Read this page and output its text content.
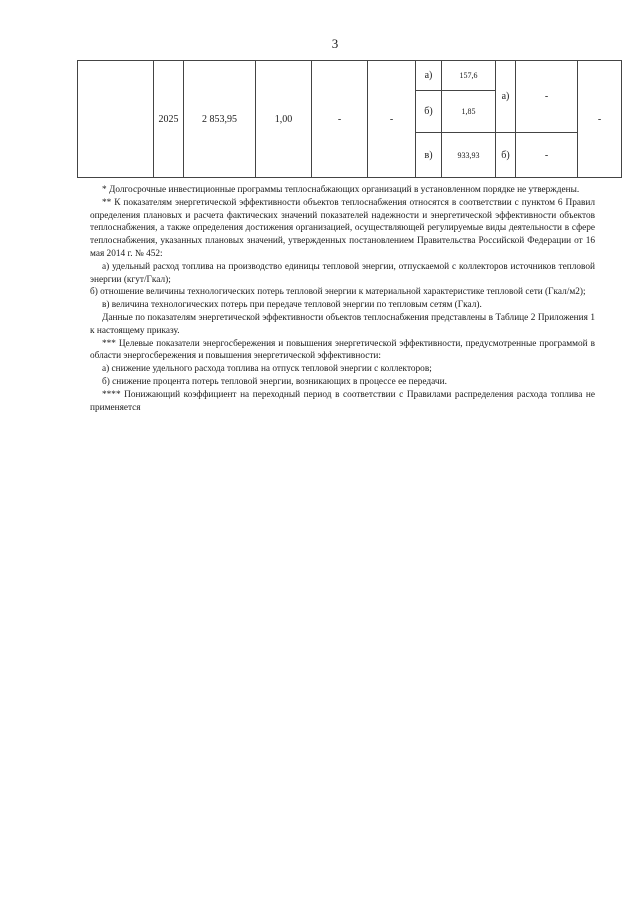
3
	2025	2 853,95	1,00	-	-	а)	157,6	а)	-	-
						б)	1,85			
						в)	933,93	б)	-	

* Долгосрочные инвестиционные программы теплоснабжающих организаций в установленном порядке не утверждены.

** К показателям энергетической эффективности объектов теплоснабжения относятся в соответствии с пунктом 6 Правил определения плановых и расчета фактических значений показателей надежности и энергетической эффективности объектов теплоснабжения, а также определения достижения организацией, осуществляющей регулируемые виды деятельности в сфере теплоснабжения, указанных плановых значений, утвержденных постановлением Правительства Российской Федерации от 16 мая 2014 г. № 452:

а) удельный расход топлива на производство единицы тепловой энергии, отпускаемой с коллекторов источников тепловой энергии (кгут/Гкал);

б) отношение величины технологических потерь тепловой энергии к материальной характеристике тепловой сети (Гкал/м2);

в) величина технологических потерь при передаче тепловой энергии по тепловым сетям (Гкал).

Данные по показателям энергетической эффективности объектов теплоснабжения представлены в Таблице 2 Приложения 1 к настоящему приказу.

*** Целевые показатели энергосбережения и повышения энергетической эффективности, предусмотренные программой в области энергосбережения и повышения энергетической эффективности:

а) снижение удельного расхода топлива на отпуск тепловой энергии с коллекторов;

б) снижение процента потерь тепловой энергии, возникающих в процессе ее передачи.

**** Понижающий коэффициент на переходный период в соответствии с Правилами распределения расхода топлива не применяется
